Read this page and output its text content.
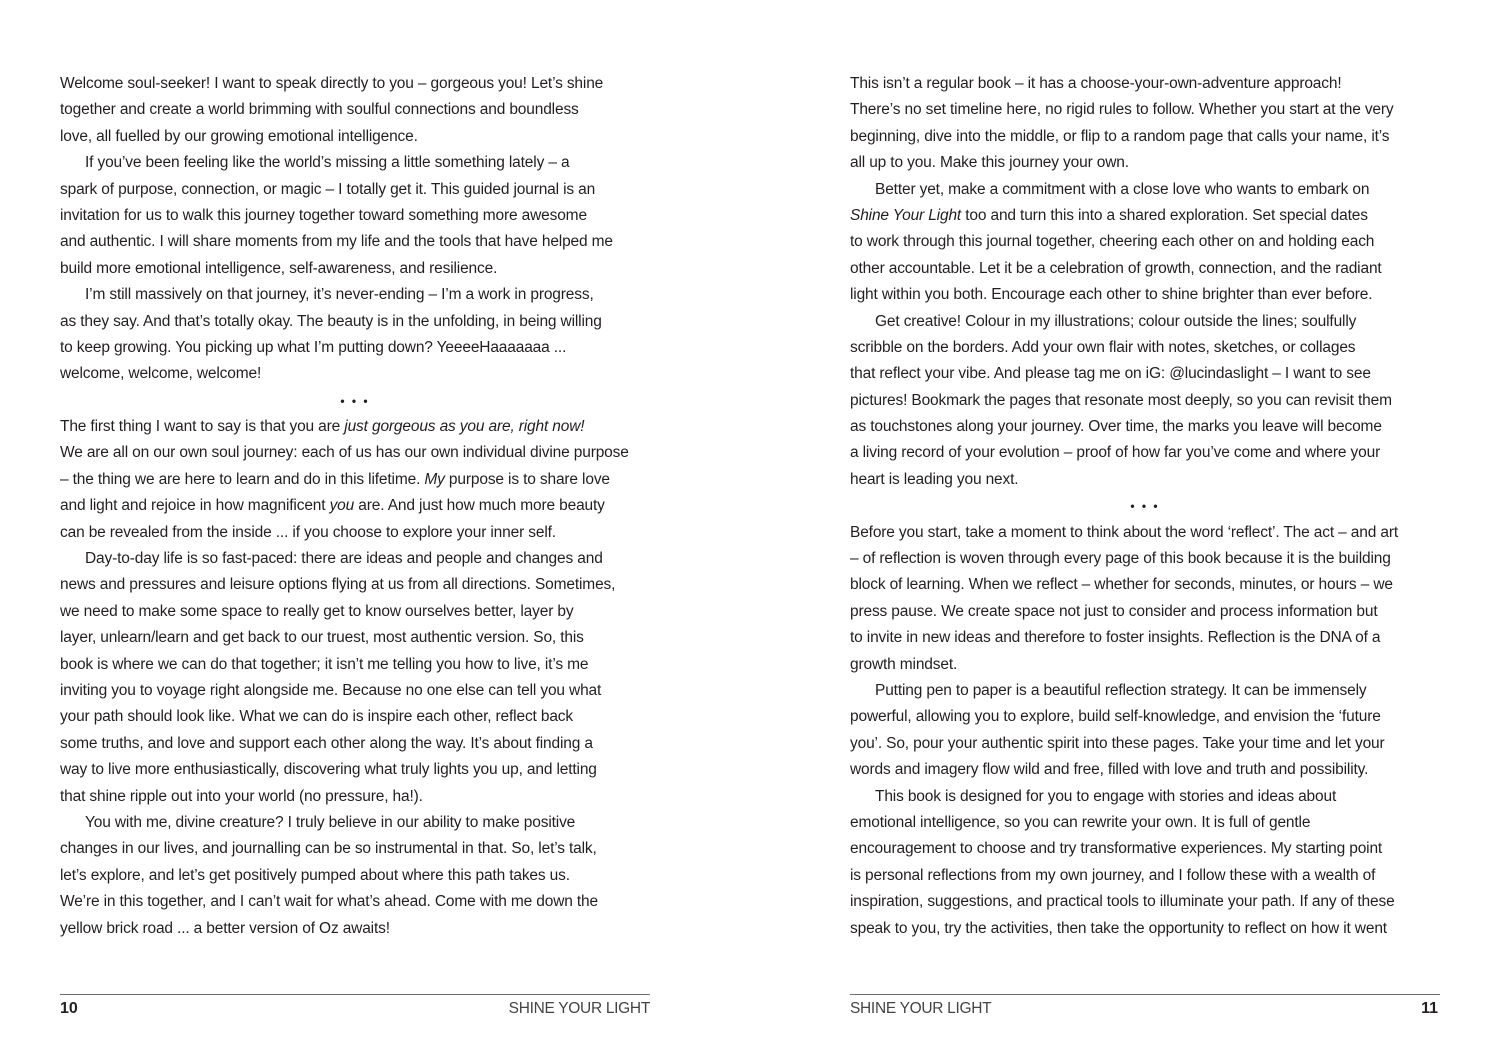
Welcome soul-seeker! I want to speak directly to you – gorgeous you! Let’s shine
together and create a world brimming with soulful connections and boundless
love, all fuelled by our growing emotional intelligence.
If you’ve been feeling like the world’s missing a little something lately – a
spark of purpose, connection, or magic – I totally get it. This guided journal is an
invitation for us to walk this journey together toward something more awesome
and authentic. I will share moments from my life and the tools that have helped me
build more emotional intelligence, self-awareness, and resilience.
I’m still massively on that journey, it’s never-ending – I’m a work in progress,
as they say. And that’s totally okay. The beauty is in the unfolding, in being willing
to keep growing. You picking up what I’m putting down? YeeeeHaaaaaaa ...
welcome, welcome, welcome!
• • •
The first thing I want to say is that you are just gorgeous as you are, right now!
We are all on our own soul journey: each of us has our own individual divine purpose
– the thing we are here to learn and do in this lifetime. My purpose is to share love
and light and rejoice in how magnificent you are. And just how much more beauty
can be revealed from the inside ... if you choose to explore your inner self.
Day-to-day life is so fast-paced: there are ideas and people and changes and
news and pressures and leisure options flying at us from all directions. Sometimes,
we need to make some space to really get to know ourselves better, layer by
layer, unlearn/learn and get back to our truest, most authentic version. So, this
book is where we can do that together; it isn’t me telling you how to live, it’s me
inviting you to voyage right alongside me. Because no one else can tell you what
your path should look like. What we can do is inspire each other, reflect back
some truths, and love and support each other along the way. It’s about finding a
way to live more enthusiastically, discovering what truly lights you up, and letting
that shine ripple out into your world (no pressure, ha!).
You with me, divine creature? I truly believe in our ability to make positive
changes in our lives, and journalling can be so instrumental in that. So, let’s talk,
let’s explore, and let’s get positively pumped about where this path takes us.
We’re in this together, and I can’t wait for what’s ahead. Come with me down the
yellow brick road ... a better version of Oz awaits!
This isn’t a regular book – it has a choose-your-own-adventure approach!
There’s no set timeline here, no rigid rules to follow. Whether you start at the very
beginning, dive into the middle, or flip to a random page that calls your name, it’s
all up to you. Make this journey your own.
Better yet, make a commitment with a close love who wants to embark on
Shine Your Light too and turn this into a shared exploration. Set special dates
to work through this journal together, cheering each other on and holding each
other accountable. Let it be a celebration of growth, connection, and the radiant
light within you both. Encourage each other to shine brighter than ever before.
Get creative! Colour in my illustrations; colour outside the lines; soulfully
scribble on the borders. Add your own flair with notes, sketches, or collages
that reflect your vibe. And please tag me on iG: @lucindaslight – I want to see
pictures! Bookmark the pages that resonate most deeply, so you can revisit them
as touchstones along your journey. Over time, the marks you leave will become
a living record of your evolution – proof of how far you’ve come and where your
heart is leading you next.
• • •
Before you start, take a moment to think about the word ‘reflect’. The act – and art
– of reflection is woven through every page of this book because it is the building
block of learning. When we reflect – whether for seconds, minutes, or hours – we
press pause. We create space not just to consider and process information but
to invite in new ideas and therefore to foster insights. Reflection is the DNA of a
growth mindset.
Putting pen to paper is a beautiful reflection strategy. It can be immensely
powerful, allowing you to explore, build self-knowledge, and envision the ‘future
you’. So, pour your authentic spirit into these pages. Take your time and let your
words and imagery flow wild and free, filled with love and truth and possibility.
This book is designed for you to engage with stories and ideas about
emotional intelligence, so you can rewrite your own. It is full of gentle
encouragement to choose and try transformative experiences. My starting point
is personal reflections from my own journey, and I follow these with a wealth of
inspiration, suggestions, and practical tools to illuminate your path. If any of these
speak to you, try the activities, then take the opportunity to reflect on how it went
10	SHINE YOUR LIGHT	SHINE YOUR LIGHT	11
